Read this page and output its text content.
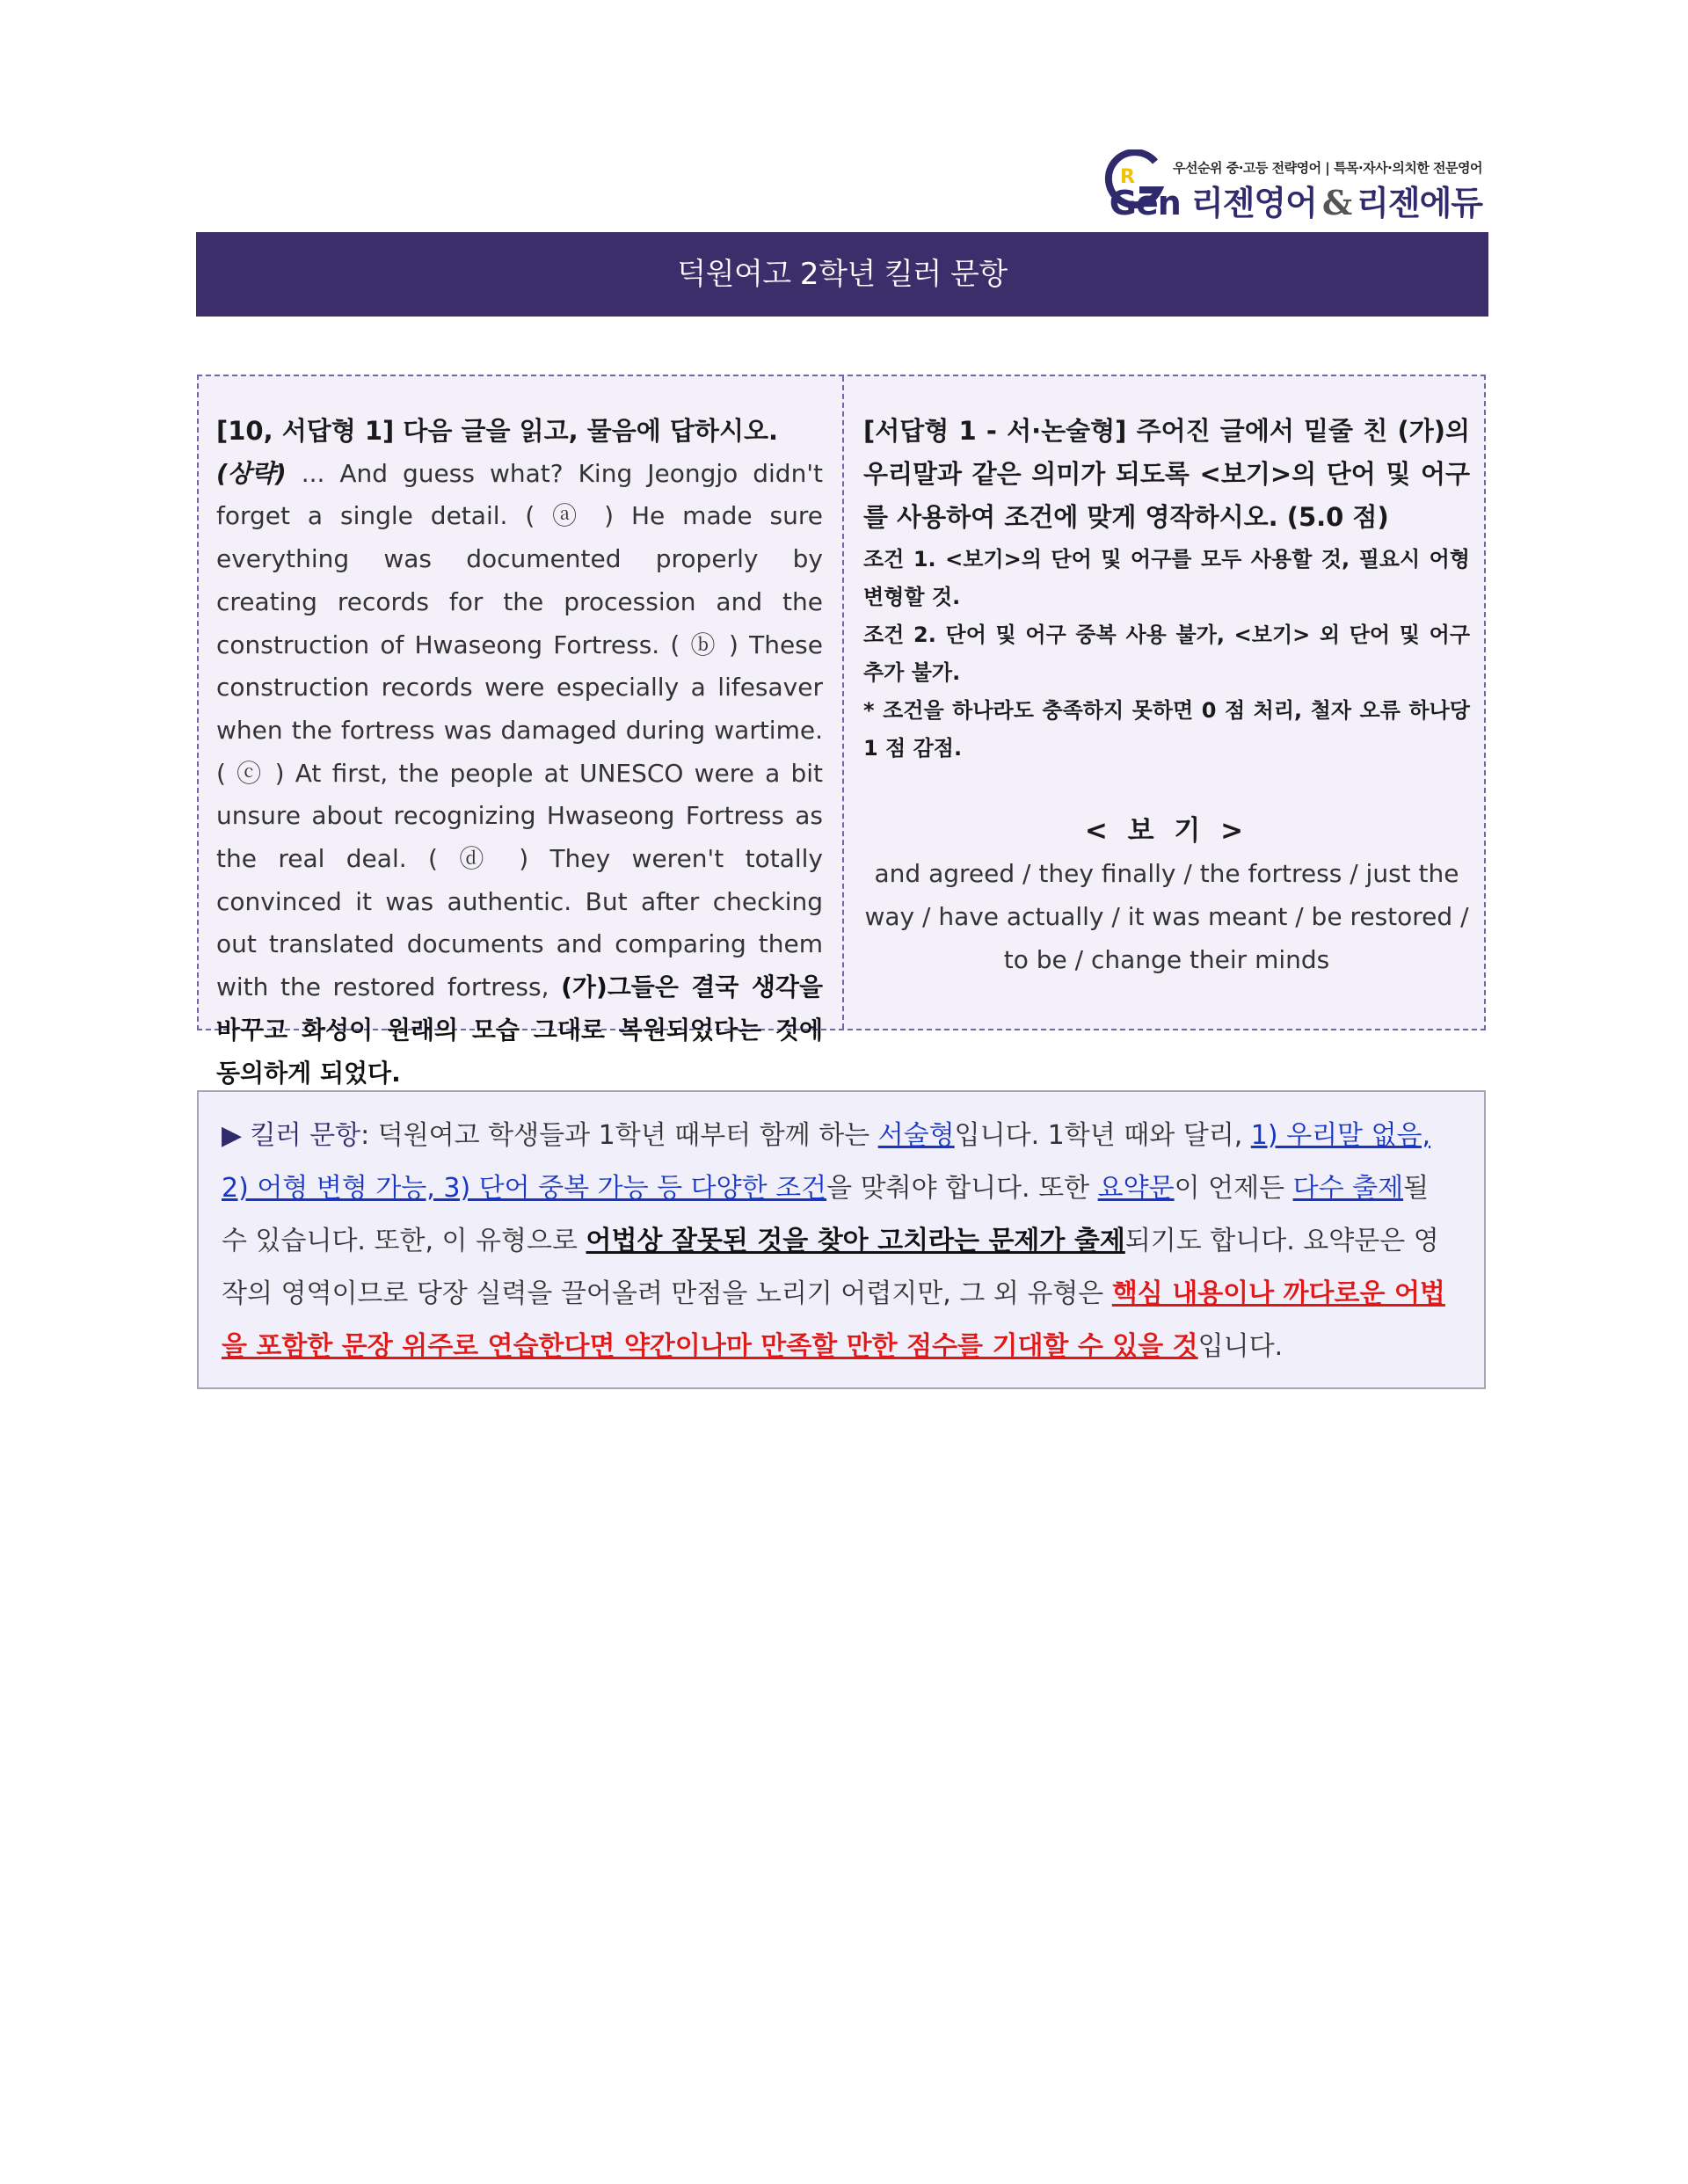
R	우선순위 중·고등 전략영어 | 특목·자사·의치한 전문영어
Gen 리젠영어 & 리젠에듀
덕원여고 2학년 킬러 문항
[10, 서답형 1] 다음 글을 읽고, 물음에 답하시오.
(상략) ... And guess what? King Jeongjo didn't forget a single detail. ( ⓐ ) He made sure everything was documented properly by creating records for the procession and the construction of Hwaseong Fortress. ( ⓑ ) These construction records were especially a lifesaver when the fortress was damaged during wartime. ( ⓒ ) At first, the people at UNESCO were a bit unsure about recognizing Hwaseong Fortress as the real deal. ( ⓓ ) They weren't totally convinced it was authentic. But after checking out translated documents and comparing them with the restored fortress, (가)그들은 결국 생각을 바꾸고 화성이 원래의 모습 그대로 복원되었다는 것에 동의하게 되었다.
[서답형 1 - 서·논술형] 주어진 글에서 밑줄 친 (가)의 우리말과 같은 의미가 되도록 <보기>의 단어 및 어구를 사용하여 조건에 맞게 영작하시오. (5.0 점)
조건 1. <보기>의 단어 및 어구를 모두 사용할 것, 필요시 어형 변형할 것.
조건 2. 단어 및 어구 중복 사용 불가, <보기> 외 단어 및 어구 추가 불가.
* 조건을 하나라도 충족하지 못하면 0 점 처리, 철자 오류 하나당 1 점 감점.
< 보 기 >
and agreed / they finally / the fortress / just the way / have actually / it was meant / be restored / to be / change their minds
▶ 킬러 문항: 덕원여고 학생들과 1학년 때부터 함께 하는 서술형입니다. 1학년 때와 달리, 1) 우리말 없음, 2) 어형 변형 가능, 3) 단어 중복 가능 등 다양한 조건을 맞춰야 합니다. 또한 요약문이 언제든 다수 출제될 수 있습니다. 또한, 이 유형으로 어법상 잘못된 것을 찾아 고치라는 문제가 출제되기도 합니다. 요약문은 영작의 영역이므로 당장 실력을 끌어올려 만점을 노리기 어렵지만, 그 외 유형은 핵심 내용이나 까다로운 어법을 포함한 문장 위주로 연습한다면 약간이나마 만족할 만한 점수를 기대할 수 있을 것입니다.
